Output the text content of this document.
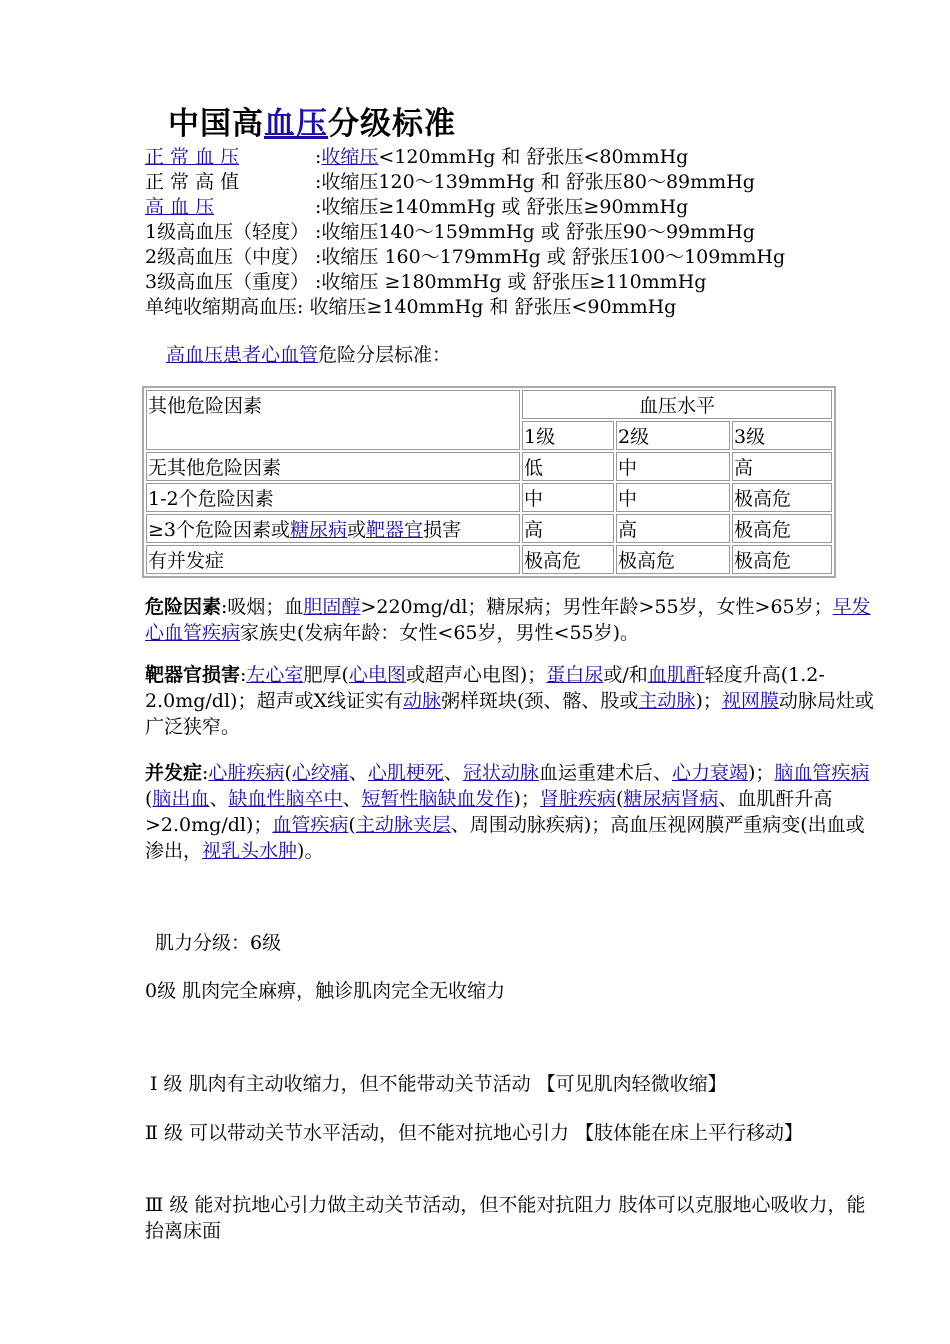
中国高血压分级标准
正 常 血 压	:收缩压<120mmHg 和 舒张压<80mmHg
正 常 高 值	:收缩压120～139mmHg 和 舒张压80～89mmHg
高 血 压	:收缩压≥140mmHg 或 舒张压≥90mmHg
1级高血压（轻度） :收缩压140～159mmHg 或 舒张压90～99mmHg
2级高血压（中度） :收缩压 160～179mmHg 或 舒张压100～109mmHg
3级高血压（重度） :收缩压 ≥180mmHg 或 舒张压≥110mmHg
单纯收缩期高血压: 收缩压≥140mmHg 和 舒张压<90mmHg
高血压患者心血管危险分层标准：
其他危险因素	血压水平		
	1级	2级	3级
无其他危险因素	低	中	高
1-2个危险因素	中	中	极高危
≥3个危险因素或糖尿病或靶器官损害	高	高	极高危
有并发症	极高危	极高危	极高危
危险因素:吸烟；血胆固醇>220mg/dl；糖尿病；男性年龄>55岁，女性>65岁；早发心血管疾病家族史(发病年龄：女性<65岁，男性<55岁)。
靶器官损害:左心室肥厚(心电图或超声心电图)；蛋白尿或/和血肌酐轻度升高(1.2-2.0mg/dl)；超声或X线证实有动脉粥样斑块(颈、髂、股或主动脉)；视网膜动脉局灶或广泛狭窄。
并发症:心脏疾病(心绞痛、心肌梗死、冠状动脉血运重建术后、心力衰竭)；脑血管疾病(脑出血、缺血性脑卒中、短暂性脑缺血发作)；肾脏疾病(糖尿病肾病、血肌酐升高>2.0mg/dl)；血管疾病(主动脉夹层、周围动脉疾病)；高血压视网膜严重病变(出血或渗出，视乳头水肿)。
肌力分级：6级
0级 肌肉完全麻痹，触诊肌肉完全无收缩力
Ⅰ 级 肌肉有主动收缩力，但不能带动关节活动 【可见肌肉轻微收缩】
Ⅱ 级 可以带动关节水平活动，但不能对抗地心引力 【肢体能在床上平行移动】
Ⅲ 级 能对抗地心引力做主动关节活动，但不能对抗阻力 肢体可以克服地心吸收力，能抬离床面
